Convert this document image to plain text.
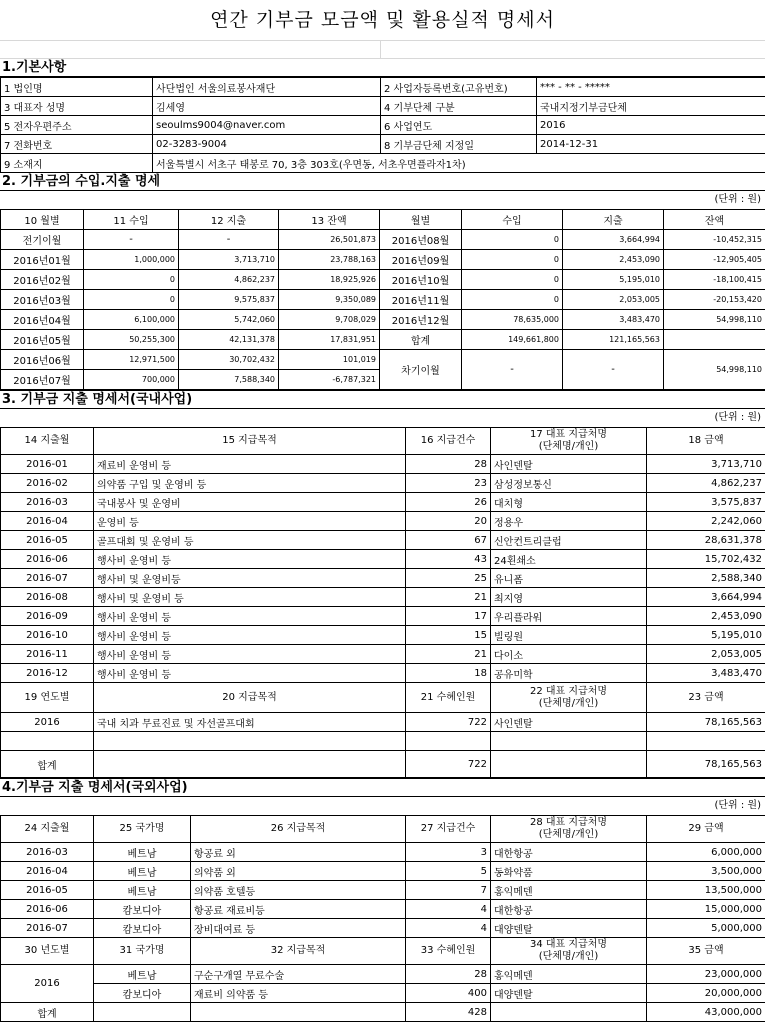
연간 기부금 모금액 및 활용실적 명세서
1.기본사항
1 법인명	사단법인 서울의료봉사재단	2 사업자등록번호(고유번호)	*** - ** - *****
3 대표자 성명	김세영	4 기부단체 구분	국내지정기부금단체
5 전자우편주소	seoulms9004@naver.com	6 사업연도	2016
7 전화번호	02-3283-9004	8 기부금단체 지정일	2014-12-31
9 소재지	서울특별시 서초구 태봉로 70, 3층 303호(우면동, 서초우면플라자1차)		
2. 기부금의 수입.지출 명세
(단위 : 원)
10 월별	11 수입	12 지출	13 잔액	월별	수입	지출	잔액
전기이월	-	-	26,501,873	2016년08월	0	3,664,994	-10,452,315
2016년01월	1,000,000	3,713,710	23,788,163	2016년09월	0	2,453,090	-12,905,405
2016년02월	0	4,862,237	18,925,926	2016년10월	0	5,195,010	-18,100,415
2016년03월	0	9,575,837	9,350,089	2016년11월	0	2,053,005	-20,153,420
2016년04월	6,100,000	5,742,060	9,708,029	2016년12월	78,635,000	3,483,470	54,998,110
2016년05월	50,255,300	42,131,378	17,831,951	합계	149,661,800	121,165,563	
2016년06월	12,971,500	30,702,432	101,019	차기이월	-	-	54,998,110
2016년07월	700,000	7,588,340	-6,787,321				
3. 기부금 지출 명세서(국내사업)
(단위 : 원)
14 지출월	15 지급목적	16 지급건수	17 대표 지급처명
(단체명/개인)	18 금액

2016-01	재료비 운영비 등	28	사인덴탈	3,713,710
2016-02	의약품 구입 및 운영비 등	23	삼성정보통신	4,862,237
2016-03	국내봉사 및 운영비	26	대치형	3,575,837
2016-04	운영비 등	20	정용우	2,242,060
2016-05	골프대회 및 운영비 등	67	신안컨트리클럽	28,631,378
2016-06	행사비 운영비 등	43	24횐쇄소	15,702,432
2016-07	행사비 및 운영비등	25	유니폼	2,588,340
2016-08	행사비 및 운영비 등	21	최지영	3,664,994
2016-09	행사비 운영비 등	17	우리플라워	2,453,090
2016-10	행사비 운영비 등	15	빌링원	5,195,010
2016-11	행사비 운영비 등	21	다이소	2,053,005
2016-12	행사비 운영비 등	18	공유미학	3,483,470

19 연도별	20 지급목적	21 수혜인원	22 대표 지급처명
(단체명/개인)	23 금액

2016	국내 치과 무료진료 및 자선골프대회	722	사인덴탈	78,165,563

합계		722		78,165,563
4.기부금 지출 명세서(국외사업)
(단위 : 원)
24 지출월	25 국가명	26 지급목적	27 지급건수	28 대표 지급처명
(단체명/개인)	29 금액

2016-03	베트남	항공료 외	3	대한항공	6,000,000
2016-04	베트남	의약품 외	5	동화약품	3,500,000
2016-05	베트남	의약품 호텔등	7	홍익메덴	13,500,000
2016-06	캄보디아	항공료 재료비등	4	대한항공	15,000,000
2016-07	캄보디아	장비대여료 등	4	대양덴탈	5,000,000

30 년도별	31 국가명	32 지급목적	33 수혜인원	34 대표 지급처명
(단체명/개인)	35 금액

2016	베트남	구순구개열 무료수술	28	홍익메덴	23,000,000
	캄보디아	재료비 의약품 등	400	대양덴탈	20,000,000
합계			428		43,000,000
